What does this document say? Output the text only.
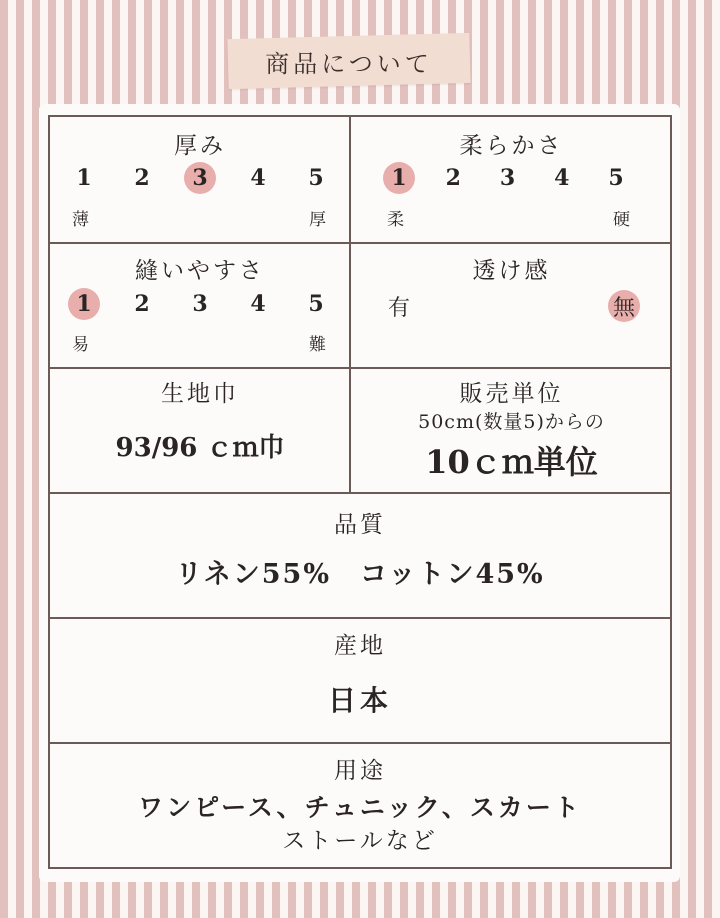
商品について
厚み
1	2	3	4	5
薄	厚
柔らかさ
1	2	3	4	5
柔	硬
縫いやすさ
1	2	3	4	5
易	難
透け感
有	無
生地巾
93/96 ｃｍ巾
販売単位
50cm(数量5)からの
10ｃｍ単位
品質
リネン55%　コットン45%
産地
日本
用途
ワンピース、チュニック、スカート
ストールなど
